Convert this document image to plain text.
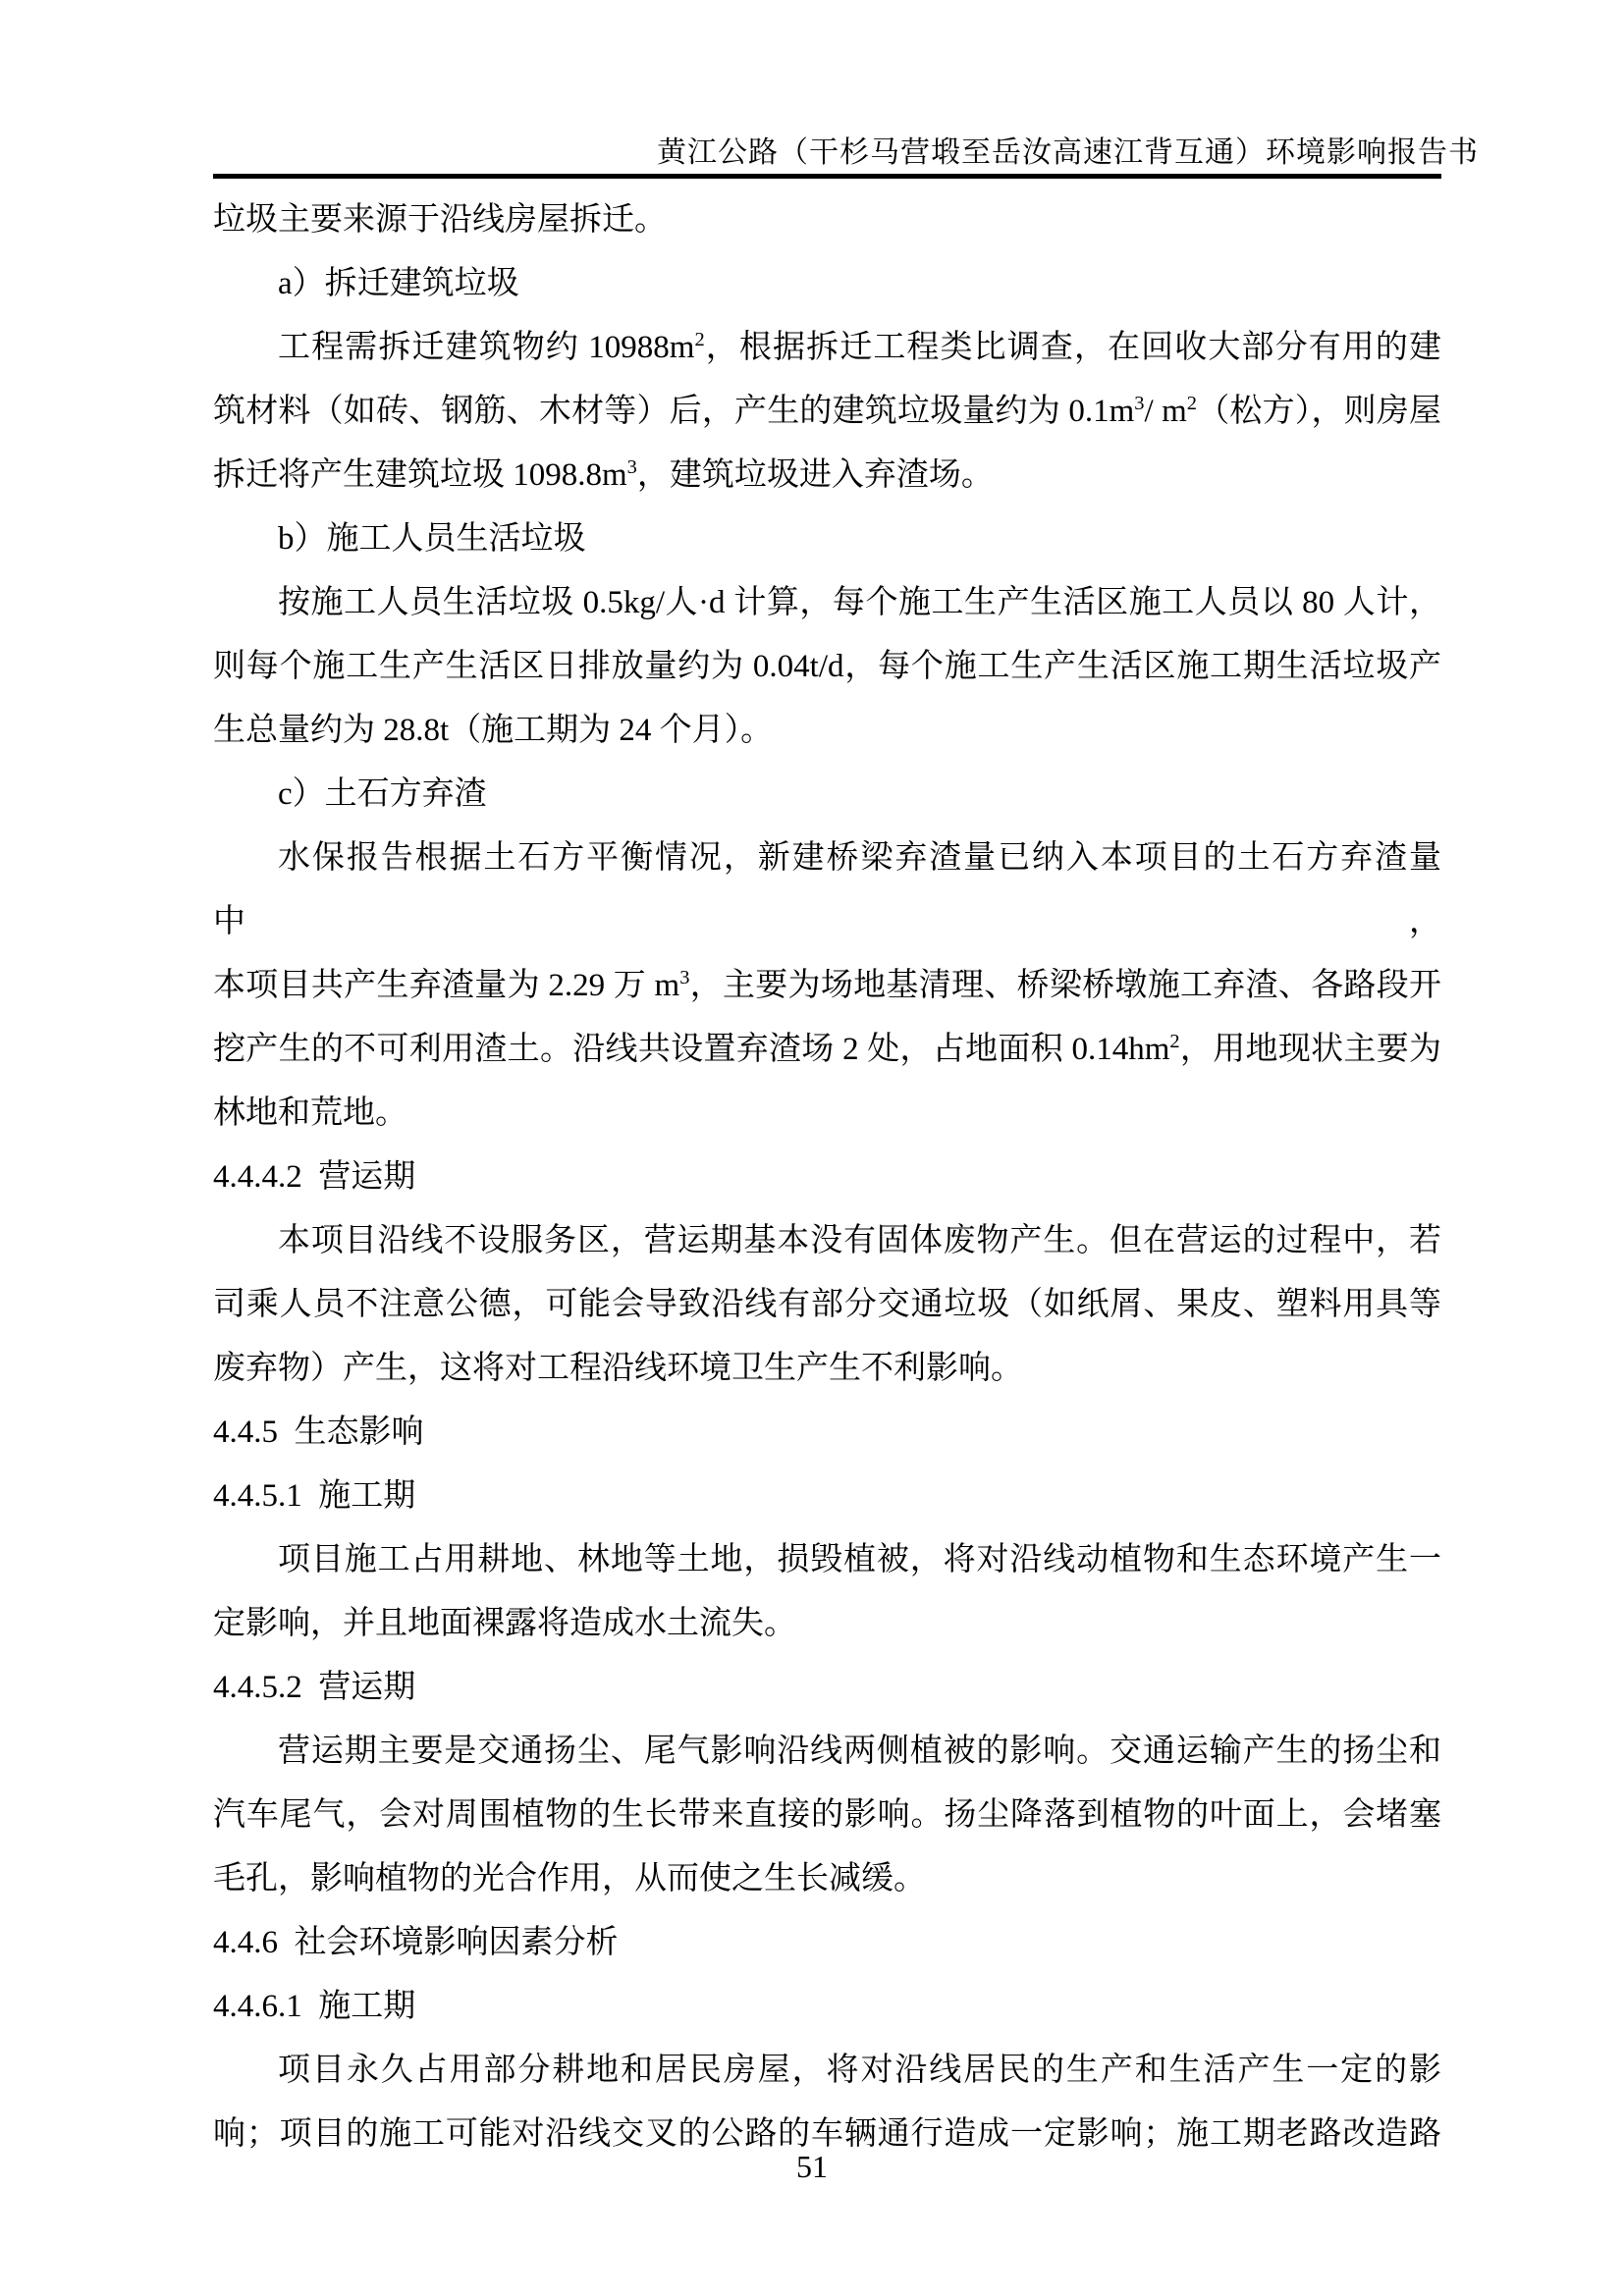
黄江公路（干杉马营塅至岳汝高速江背互通）环境影响报告书
垃圾主要来源于沿线房屋拆迁。
a）拆迁建筑垃圾
工程需拆迁建筑物约 $10988m^2$，根据拆迁工程类比调查，在回收大部分有用的建
筑材料（如砖、钢筋、木材等）后，产生的建筑垃圾量约为 $0.1m^3/$ $m^2$（松方），则房屋
拆迁将产生建筑垃圾 $1098.8m^3$，建筑垃圾进入弃渣场。
b）施工人员生活垃圾
按施工人员生活垃圾 0.5kg/人·d 计算，每个施工生产生活区施工人员以 80 人计，
则每个施工生产生活区日排放量约为 0.04t/d，每个施工生产生活区施工期生活垃圾产
生总量约为 28.8t（施工期为 24 个月）。
c）土石方弃渣
水保报告根据土石方平衡情况，新建桥梁弃渣量已纳入本项目的土石方弃渣量中，
本项目共产生弃渣量为 2.29 万 $m^3$，主要为场地基清理、桥梁桥墩施工弃渣、各路段开
挖产生的不可利用渣土。沿线共设置弃渣场 2 处，占地面积 $0.14hm^2$，用地现状主要为
林地和荒地。
4.4.4.2  营运期
本项目沿线不设服务区，营运期基本没有固体废物产生。但在营运的过程中，若
司乘人员不注意公德，可能会导致沿线有部分交通垃圾（如纸屑、果皮、塑料用具等
废弃物）产生，这将对工程沿线环境卫生产生不利影响。
4.4.5  生态影响
4.4.5.1  施工期
项目施工占用耕地、林地等土地，损毁植被，将对沿线动植物和生态环境产生一
定影响，并且地面裸露将造成水土流失。
4.4.5.2  营运期
营运期主要是交通扬尘、尾气影响沿线两侧植被的影响。交通运输产生的扬尘和
汽车尾气，会对周围植物的生长带来直接的影响。扬尘降落到植物的叶面上，会堵塞
毛孔，影响植物的光合作用，从而使之生长减缓。
4.4.6  社会环境影响因素分析
4.4.6.1  施工期
项目永久占用部分耕地和居民房屋，将对沿线居民的生产和生活产生一定的影
响；项目的施工可能对沿线交叉的公路的车辆通行造成一定影响；施工期老路改造路
51
